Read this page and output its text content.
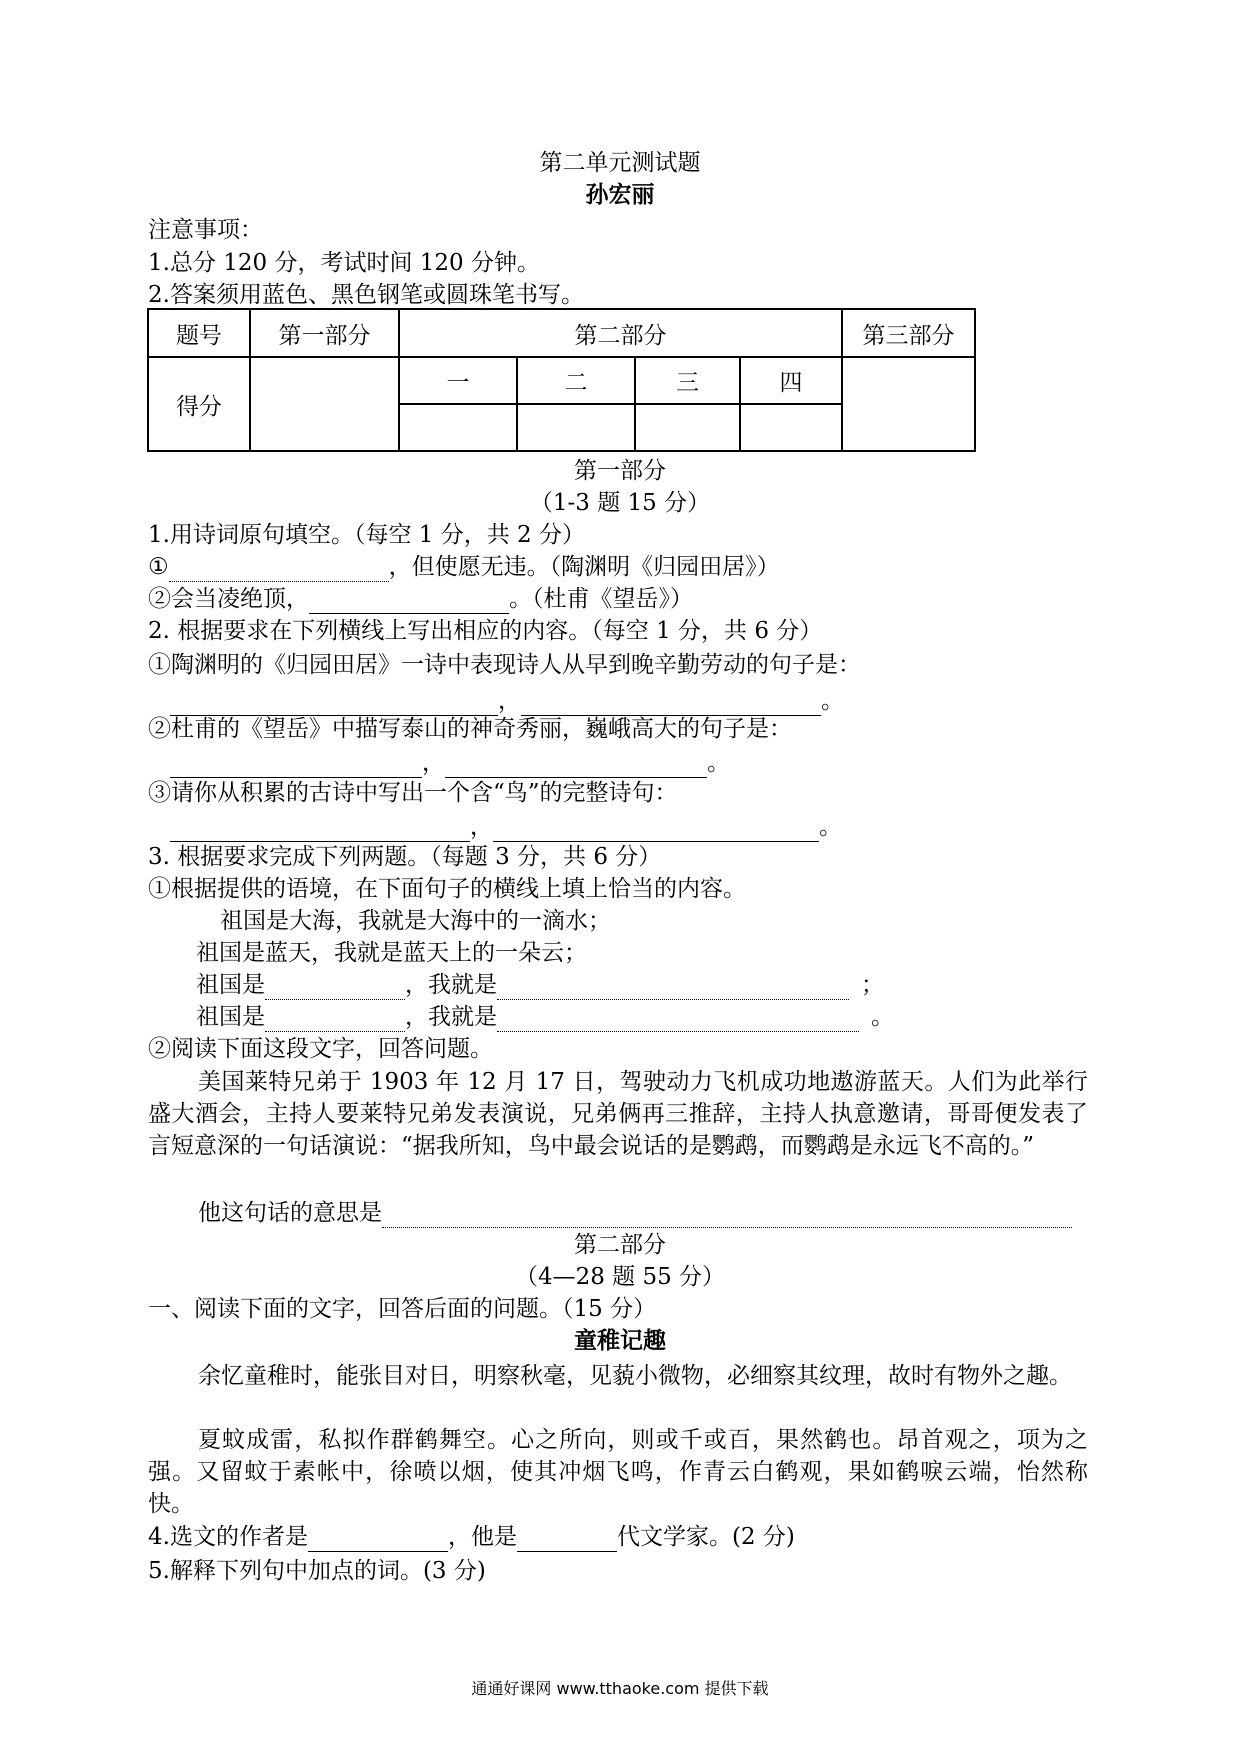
第二单元测试题
孙宏丽
注意事项：
1.总分 120 分，考试时间 120 分钟。
2.答案须用蓝色、黑色钢笔或圆珠笔书写。
题号	第一部分	第二部分				第三部分
得分		一	二	三	四	

第一部分
（1-3 题 15 分）
1.用诗词原句填空。（每空 1 分，共 2 分）
①	，但使愿无违。（陶渊明《归园田居》）
②会当凌绝顶，	。（杜甫《望岳》）
2. 根据要求在下列横线上写出相应的内容。（每空 1 分，共 6 分）
①陶渊明的《归园田居》一诗中表现诗人从早到晚辛勤劳动的句子是：
，	。
②杜甫的《望岳》中描写泰山的神奇秀丽，巍峨高大的句子是：
，	。
③请你从积累的古诗中写出一个含“鸟”的完整诗句：
，	。
3. 根据要求完成下列两题。（每题 3 分，共 6 分）
①根据提供的语境，在下面句子的横线上填上恰当的内容。
祖国是大海，我就是大海中的一滴水；
祖国是蓝天，我就是蓝天上的一朵云；
祖国是	，我就是	；
祖国是	，我就是	。
②阅读下面这段文字，回答问题。
美国莱特兄弟于 1903 年 12 月 17 日，驾驶动力飞机成功地遨游蓝天。人们为此举行盛大酒会，主持人要莱特兄弟发表演说，兄弟俩再三推辞，主持人执意邀请，哥哥便发表了言短意深的一句话演说：“据我所知，鸟中最会说话的是鹦鹉，而鹦鹉是永远飞不高的。”
他这句话的意思是
第二部分
（4—28 题 55 分）
一、阅读下面的文字，回答后面的问题。（15 分）
童稚记趣
余忆童稚时，能张目对日，明察秋毫，见藐小微物，必细察其纹理，故时有物外之趣。
夏蚊成雷，私拟作群鹤舞空。心之所向，则或千或百，果然鹤也。昂首观之，项为之强。又留蚊于素帐中，徐喷以烟，使其冲烟飞鸣，作青云白鹤观，果如鹤唳云端，怡然称快。
4.选文的作者是	，他是	代文学家。(2 分)
5.解释下列句中加点的词。(3 分)
通通好课网 www.tthaoke.com 提供下载
